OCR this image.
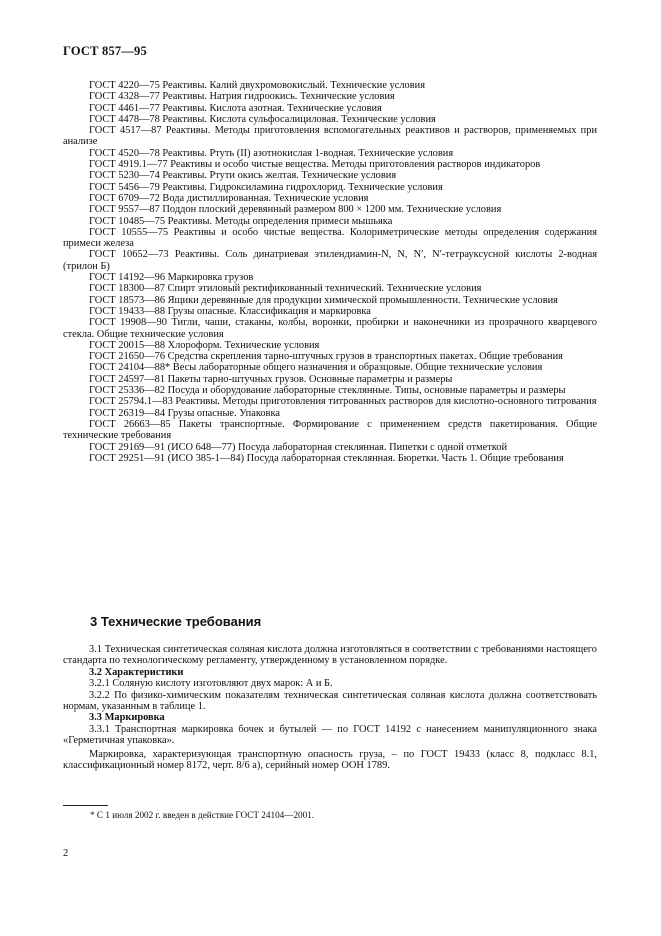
ГОСТ 857—95

ГОСТ 4220—75 Реактивы. Калий двухромовокислый. Технические условия

ГОСТ 4328—77 Реактивы. Натрия гидроокись. Технические условия

ГОСТ 4461—77 Реактивы. Кислота азотная. Технические условия

ГОСТ 4478—78 Реактивы. Кислота сульфосалициловая. Технические условия

ГОСТ 4517—87 Реактивы. Методы приготовления вспомогательных реактивов и растворов, применяемых при анализе

ГОСТ 4520—78 Реактивы. Ртуть (II) азотнокислая 1-водная. Технические условия

ГОСТ 4919.1—77 Реактивы и особо чистые вещества. Методы приготовления растворов индикаторов

ГОСТ 5230—74 Реактивы. Ртути окись желтая. Технические условия

ГОСТ 5456—79 Реактивы. Гидроксиламина гидрохлорид. Технические условия

ГОСТ 6709—72 Вода дистиллированная. Технические условия

ГОСТ 9557—87 Поддон плоский деревянный размером 800 × 1200 мм. Технические условия

ГОСТ 10485—75 Реактивы. Методы определения примеси мышьяка

ГОСТ 10555—75 Реактивы и особо чистые вещества. Колориметрические методы определения содержания примеси железа

ГОСТ 10652—73 Реактивы. Соль динатриевая этилендиамин-N, N, N′, N′-тетрауксусной кислоты 2-водная (трилон Б)

ГОСТ 14192—96 Маркировка грузов

ГОСТ 18300—87 Спирт этиловый ректификованный технический. Технические условия

ГОСТ 18573—86 Ящики деревянные для продукции химической промышленности. Технические условия

ГОСТ 19433—88 Грузы опасные. Классификация и маркировка

ГОСТ 19908—90 Тигли, чаши, стаканы, колбы, воронки, пробирки и наконечники из прозрачного кварцевого стекла. Общие технические условия

ГОСТ 20015—88 Хлороформ. Технические условия

ГОСТ 21650—76 Средства скрепления тарно-штучных грузов в транспортных пакетах. Общие требования

ГОСТ 24104—88* Весы лабораторные общего назначения и образцовые. Общие технические условия

ГОСТ 24597—81 Пакеты тарно-штучных грузов. Основные параметры и размеры

ГОСТ 25336—82 Посуда и оборудование лабораторные стеклянные. Типы, основные параметры и размеры

ГОСТ 25794.1—83 Реактивы. Методы приготовления титрованных растворов для кислотно-основного титрования

ГОСТ 26319—84 Грузы опасные. Упаковка

ГОСТ 26663—85 Пакеты транспортные. Формирование с применением средств пакетирования. Общие технические требования

ГОСТ 29169—91 (ИСО 648—77) Посуда лабораторная стеклянная. Пипетки с одной отметкой

ГОСТ 29251—91 (ИСО 385-1—84) Посуда лабораторная стеклянная. Бюретки. Часть 1. Общие требования

3 Технические требования

3.1 Техническая синтетическая соляная кислота должна изготовляться в соответствии с требованиями настоящего стандарта по технологическому регламенту, утвержденному в установленном порядке.

3.2 Характеристики

3.2.1 Соляную кислоту изготовляют двух марок: А и Б.

3.2.2 По физико-химическим показателям техническая синтетическая соляная кислота должна соответствовать нормам, указанным в таблице 1.

3.3 Маркировка

3.3.1 Транспортная маркировка бочек и бутылей — по ГОСТ 14192 с нанесением манипуляционного знака «Герметичная упаковка».

Маркировка, характеризующая транспортную опасность груза, – по ГОСТ 19433 (класс 8, подкласс 8.1, классификационный номер 8172, черт. 8/6 а), серийный номер ООН 1789.

* С 1 июля 2002 г. введен в действие ГОСТ 24104—2001.
2
